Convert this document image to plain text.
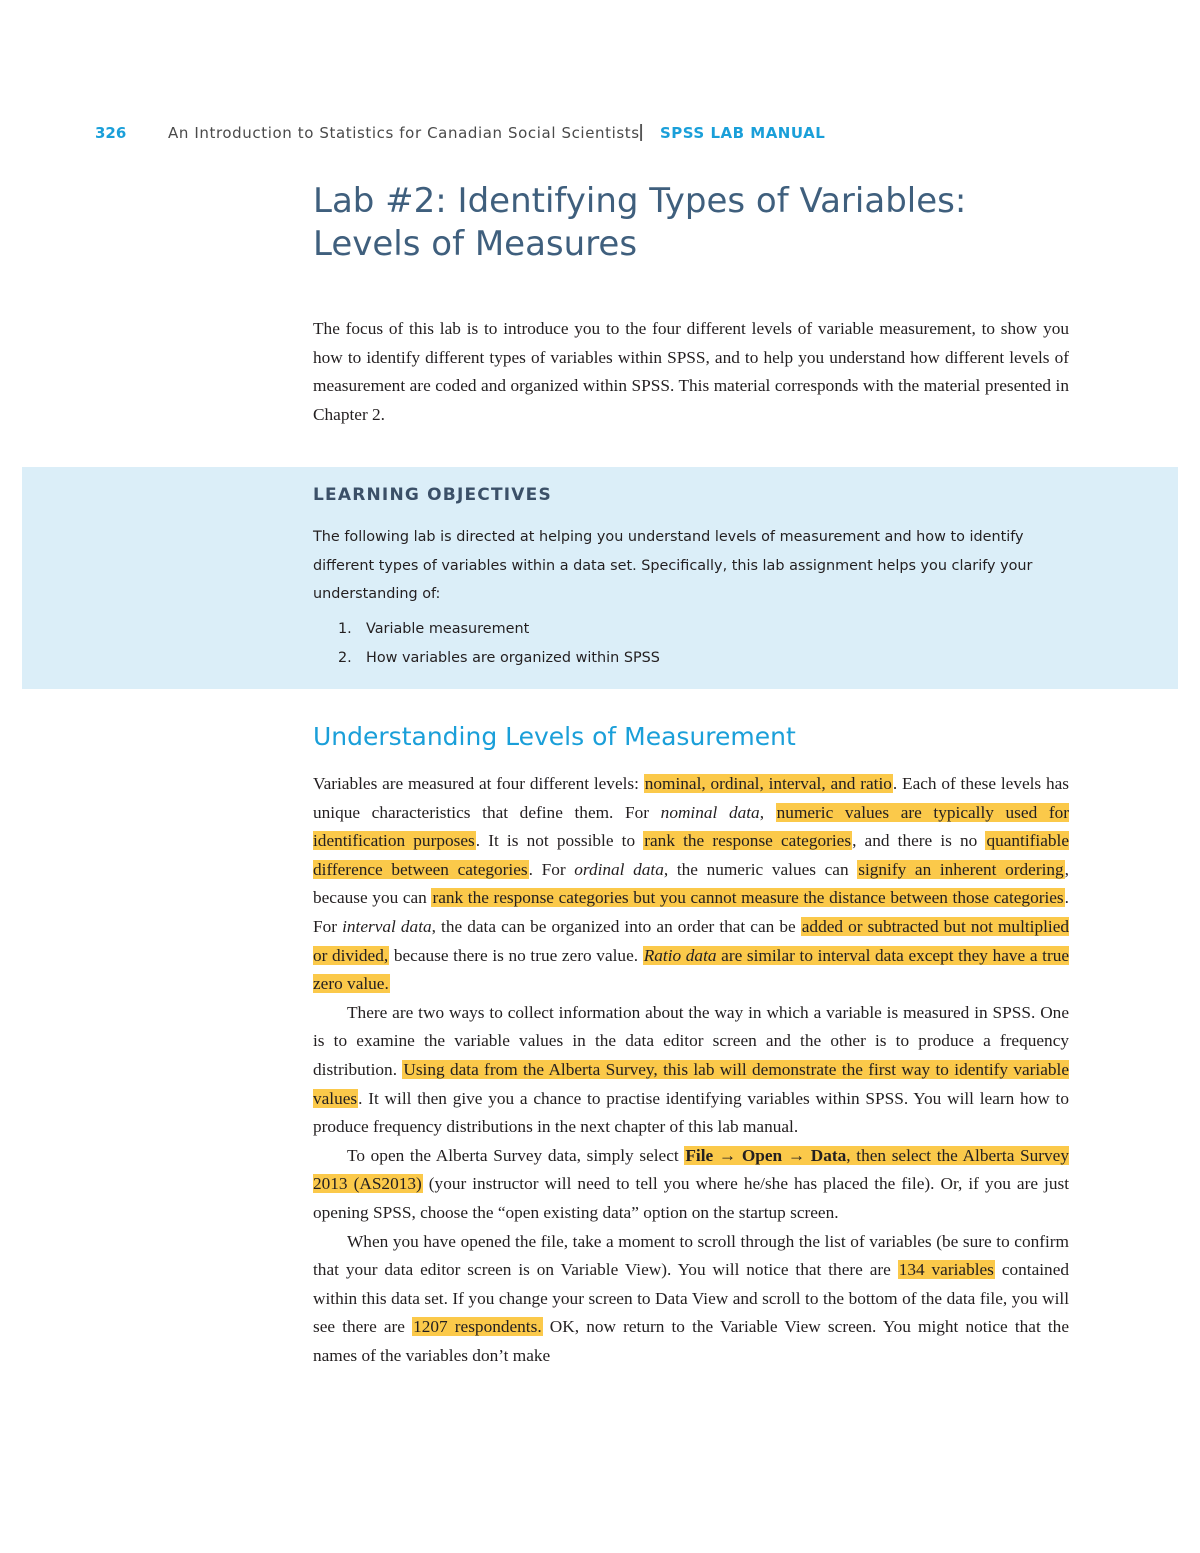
326	An Introduction to Statistics for Canadian Social Scientists
| SPSS LAB MANUAL
Lab #2: Identifying Types of Variables:
Levels of Measures

The focus of this lab is to introduce you to the four different levels of variable measurement, to show you how to identify different types of variables within SPSS, and to help you understand how different levels of measurement are coded and organized within SPSS. This material corresponds with the material presented in Chapter 2.

LEARNING OBJECTIVES

The following lab is directed at helping you understand levels of measurement and how to identify different types of variables within a data set. Specifically, this lab assignment helps you clarify your understanding of:

1. Variable measurement
2. How variables are organized within SPSS
Understanding Levels of Measurement

Variables are measured at four different levels: nominal, ordinal, interval, and ratio. Each of these levels has unique characteristics that define them. For nominal data, numeric values are typically used for identification purposes. It is not possible to rank the response categories, and there is no quantifiable difference between categories. For ordinal data, the numeric values can signify an inherent ordering, because you can rank the response categories but you cannot measure the distance between those categories. For interval data, the data can be organized into an order that can be added or subtracted but not multiplied or divided, because there is no true zero value. Ratio data are similar to interval data except they have a true zero value.

There are two ways to collect information about the way in which a variable is measured in SPSS. One is to examine the variable values in the data editor screen and the other is to produce a frequency distribution. Using data from the Alberta Survey, this lab will demonstrate the first way to identify variable values. It will then give you a chance to practise identifying variables within SPSS. You will learn how to produce frequency distributions in the next chapter of this lab manual.

To open the Alberta Survey data, simply select File → Open → Data, then select the Alberta Survey 2013 (AS2013) (your instructor will need to tell you where he/she has placed the file). Or, if you are just opening SPSS, choose the “open existing data” option on the startup screen.

When you have opened the file, take a moment to scroll through the list of variables (be sure to confirm that your data editor screen is on Variable View). You will notice that there are 134 variables contained within this data set. If you change your screen to Data View and scroll to the bottom of the data file, you will see there are 1207 respondents. OK, now return to the Variable View screen. You might notice that the names of the variables don’t make
